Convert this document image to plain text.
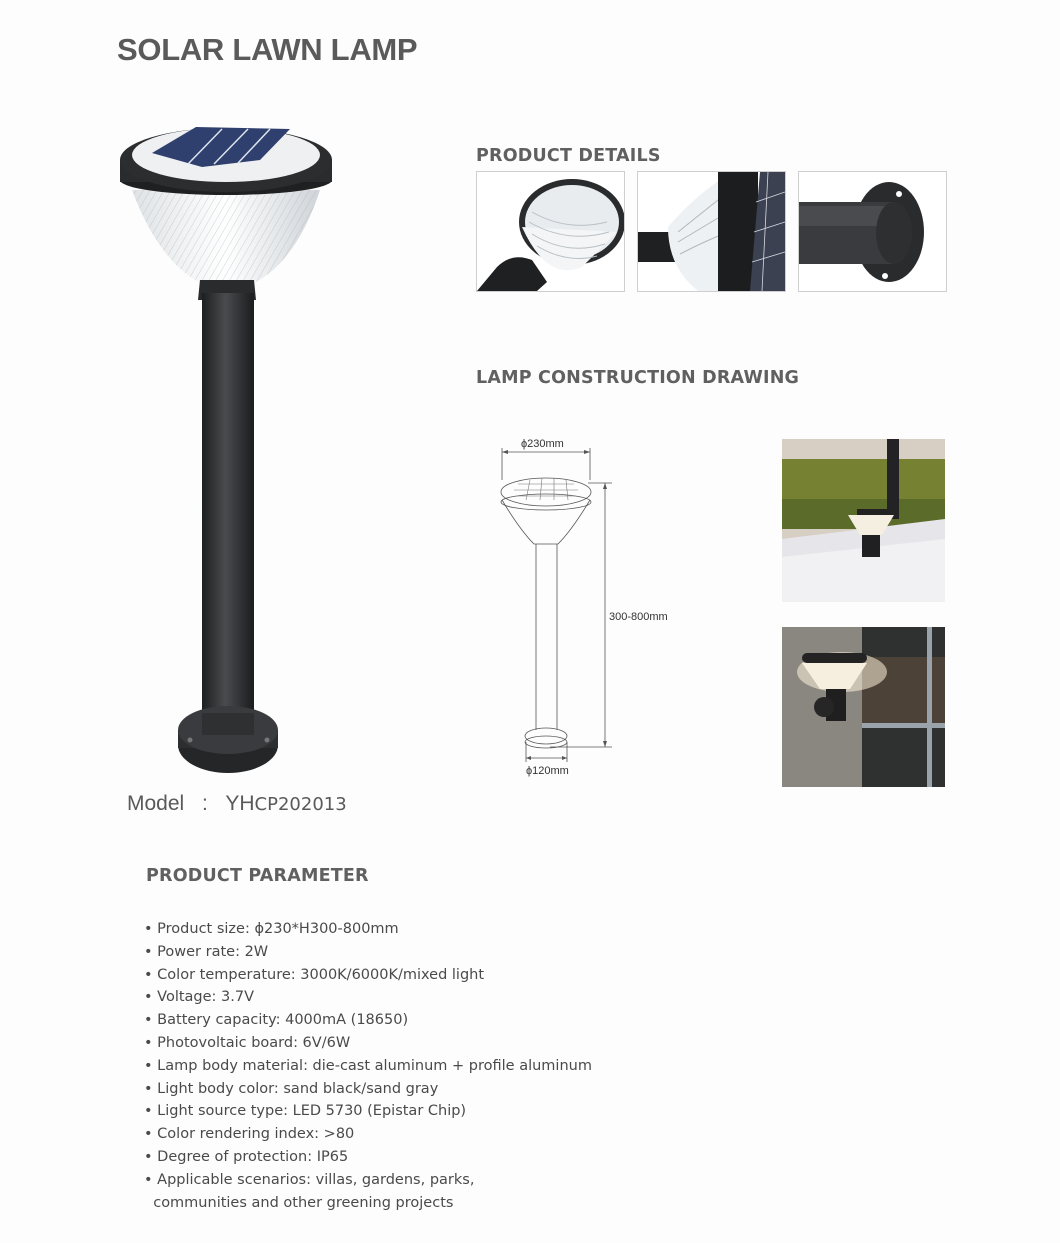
SOLAR LAWN LAMP
Model : YHCP202013
PRODUCT DETAILS
LAMP CONSTRUCTION DRAWING
ϕ230mm
300-800mm
ϕ120mm
PRODUCT PARAMETER
• Product size: ϕ230*H300-800mm
• Power rate: 2W
• Color temperature: 3000K/6000K/mixed light
• Voltage: 3.7V
• Battery capacity: 4000mA (18650)
• Photovoltaic board: 6V/6W
• Lamp body material: die-cast aluminum + profile aluminum
• Light body color: sand black/sand gray
• Light source type: LED 5730 (Epistar Chip)
• Color rendering index: >80
• Degree of protection: IP65
• Applicable scenarios: villas, gardens, parks,
communities and other greening projects
